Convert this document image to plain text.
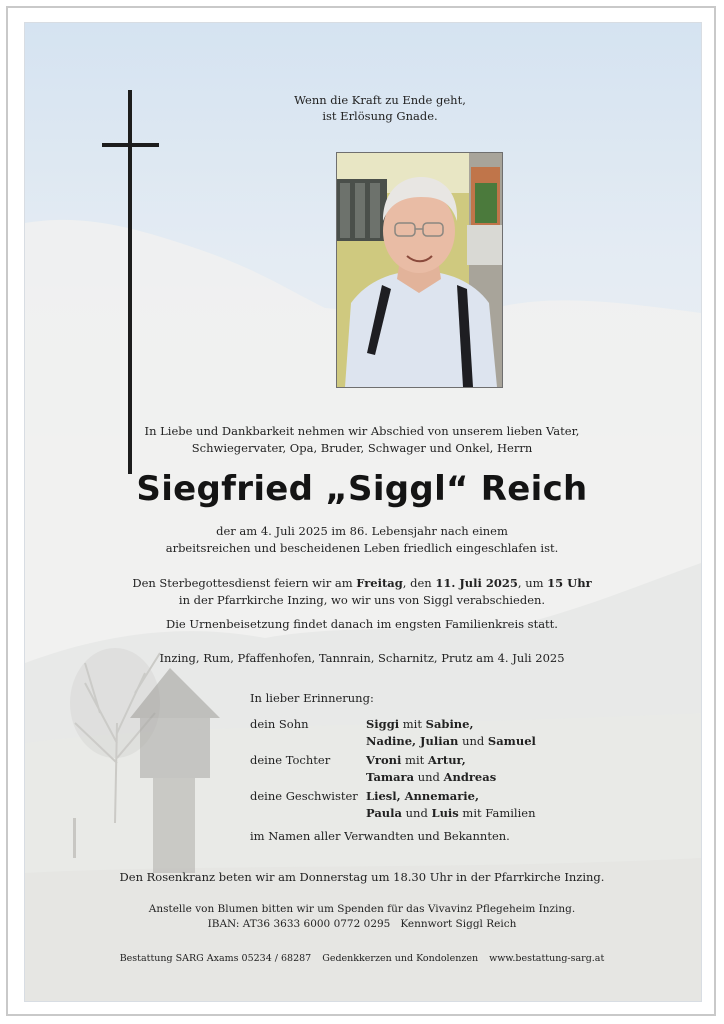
Wenn die Kraft zu Ende geht,
ist Erlösung Gnade.
In Liebe und Dankbarkeit nehmen wir Abschied von unserem lieben Vater,
Schwiegervater, Opa, Bruder, Schwager und Onkel, Herrn
Siegfried „Siggl“ Reich
der am 4. Juli 2025 im 86. Lebensjahr nach einem
arbeitsreichen und bescheidenen Leben friedlich eingeschlafen ist.
Den Sterbegottesdienst feiern wir am Freitag, den 11. Juli 2025, um 15 Uhr
in der Pfarrkirche Inzing, wo wir uns von Siggl verabschieden.
Die Urnenbeisetzung findet danach im engsten Familienkreis statt.
Inzing, Rum, Pfaffenhofen, Tannrain, Scharnitz, Prutz am 4. Juli 2025
In lieber Erinnerung:
dein Sohn	Siggi mit Sabine,
Nadine, Julian und Samuel
deine Tochter	Vroni mit Artur,
Tamara und Andreas
deine Geschwister Liesl, Annemarie,
Paula und Luis mit Familien
im Namen aller Verwandten und Bekannten.
Den Rosenkranz beten wir am Donnerstag um 18.30 Uhr in der Pfarrkirche Inzing.
Anstelle von Blumen bitten wir um Spenden für das Vivavinz Pflegeheim Inzing.
IBAN: AT36 3633 6000 0772 0295   Kennwort Siggl Reich
Bestattung SARG Axams 05234 / 68287 Gedenkkerzen und Kondolenzen www.bestattung-sarg.at
